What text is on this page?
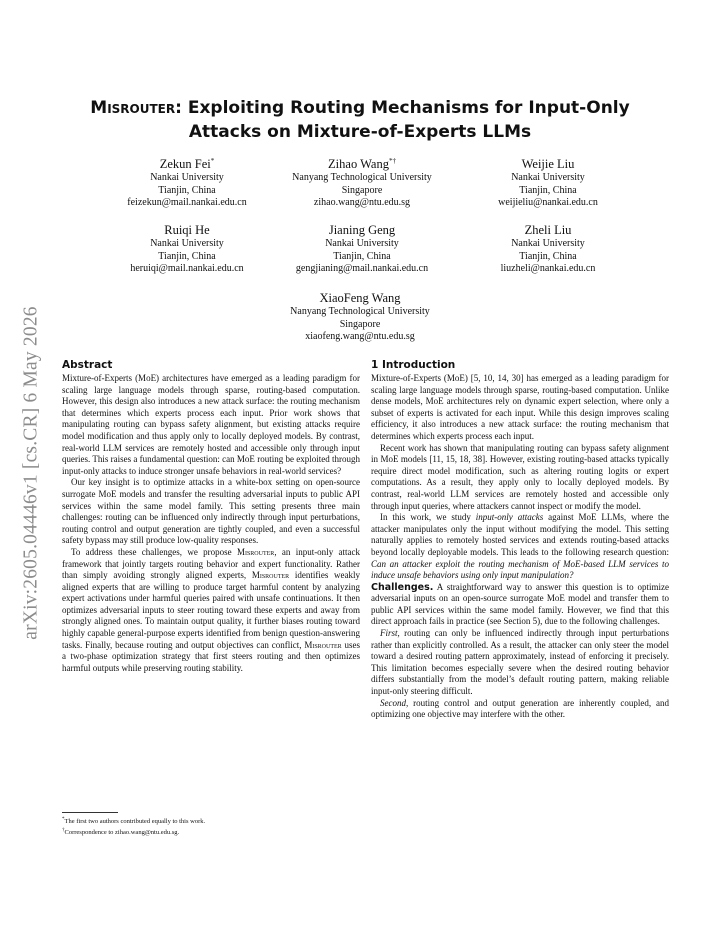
arXiv:2605.04446v1 [cs.CR] 6 May 2026
Misrouter: Exploiting Routing Mechanisms for Input-Only Attacks on Mixture-of-Experts LLMs
Zekun Fei*
Nankai University
Tianjin, China
feizekun@mail.nankai.edu.cn
Zihao Wang*†
Nanyang Technological University
Singapore
zihao.wang@ntu.edu.sg
Weijie Liu
Nankai University
Tianjin, China
weijieliu@nankai.edu.cn
Ruiqi He
Nankai University
Tianjin, China
heruiqi@mail.nankai.edu.cn
Jianing Geng
Nankai University
Tianjin, China
gengjianing@mail.nankai.edu.cn
Zheli Liu
Nankai University
Tianjin, China
liuzheli@nankai.edu.cn
XiaoFeng Wang
Nanyang Technological University
Singapore
xiaofeng.wang@ntu.edu.sg
Abstract

Mixture-of-Experts (MoE) architectures have emerged as a leading paradigm for scaling large language models through sparse, routing-based computation. However, this design also introduces a new attack surface: the routing mechanism that determines which experts process each input. Prior work shows that manipulating routing can bypass safety alignment, but existing attacks require model modification and thus apply only to locally deployed models. By contrast, real-world LLM services are remotely hosted and accessible only through input queries. This raises a fundamental question: can MoE routing be exploited through input-only attacks to induce stronger unsafe behaviors in real-world services?

Our key insight is to optimize attacks in a white-box setting on open-source surrogate MoE models and transfer the resulting adversarial inputs to public API services within the same model family. This setting presents three main challenges: routing can be influenced only indirectly through input perturbations, routing control and output generation are tightly coupled, and even a successful safety bypass may still produce low-quality responses.

To address these challenges, we propose Misrouter, an input-only attack framework that jointly targets routing behavior and expert functionality. Rather than simply avoiding strongly aligned experts, Misrouter identifies weakly aligned experts that are willing to produce target harmful content by analyzing expert activations under harmful queries paired with unsafe continuations. It then optimizes adversarial inputs to steer routing toward these experts and away from strongly aligned ones. To maintain output quality, it further biases routing toward highly capable general-purpose experts identified from benign question-answering tasks. Finally, because routing and output objectives can conflict, Misrouter uses a two-phase optimization strategy that first steers routing and then optimizes harmful outputs while preserving routing stability.

1 Introduction

Mixture-of-Experts (MoE) [5, 10, 14, 30] has emerged as a leading paradigm for scaling large language models through sparse, routing-based computation. Unlike dense models, MoE architectures rely on dynamic expert selection, where only a subset of experts is activated for each input. While this design improves scaling efficiency, it also introduces a new attack surface: the routing mechanism that determines which experts process each input.

Recent work has shown that manipulating routing can bypass safety alignment in MoE models [11, 15, 18, 38]. However, existing routing-based attacks typically require direct model modification, such as altering routing logits or expert computations. As a result, they apply only to locally deployed models. By contrast, real-world LLM services are remotely hosted and accessible only through input queries, where attackers cannot inspect or modify the model.

In this work, we study input-only attacks against MoE LLMs, where the attacker manipulates only the input without modifying the model. This setting naturally applies to remotely hosted services and extends routing-based attacks beyond locally deployable models. This leads to the following research question: Can an attacker exploit the routing mechanism of MoE-based LLM services to induce unsafe behaviors using only input manipulation?

Challenges. A straightforward way to answer this question is to optimize adversarial inputs on an open-source surrogate MoE model and transfer them to public API services within the same model family. However, we find that this direct approach fails in practice (see Section 5), due to the following challenges.

First, routing can only be influenced indirectly through input perturbations rather than explicitly controlled. As a result, the attacker can only steer the model toward a desired routing pattern approximately, instead of enforcing it precisely. This limitation becomes especially severe when the desired routing behavior differs substantially from the model’s default routing pattern, making reliable input-only steering difficult.

Second, routing control and output generation are inherently coupled, and optimizing one objective may interfere with the other.

*The first two authors contributed equally to this work.
†Correspondence to zihao.wang@ntu.edu.sg.
